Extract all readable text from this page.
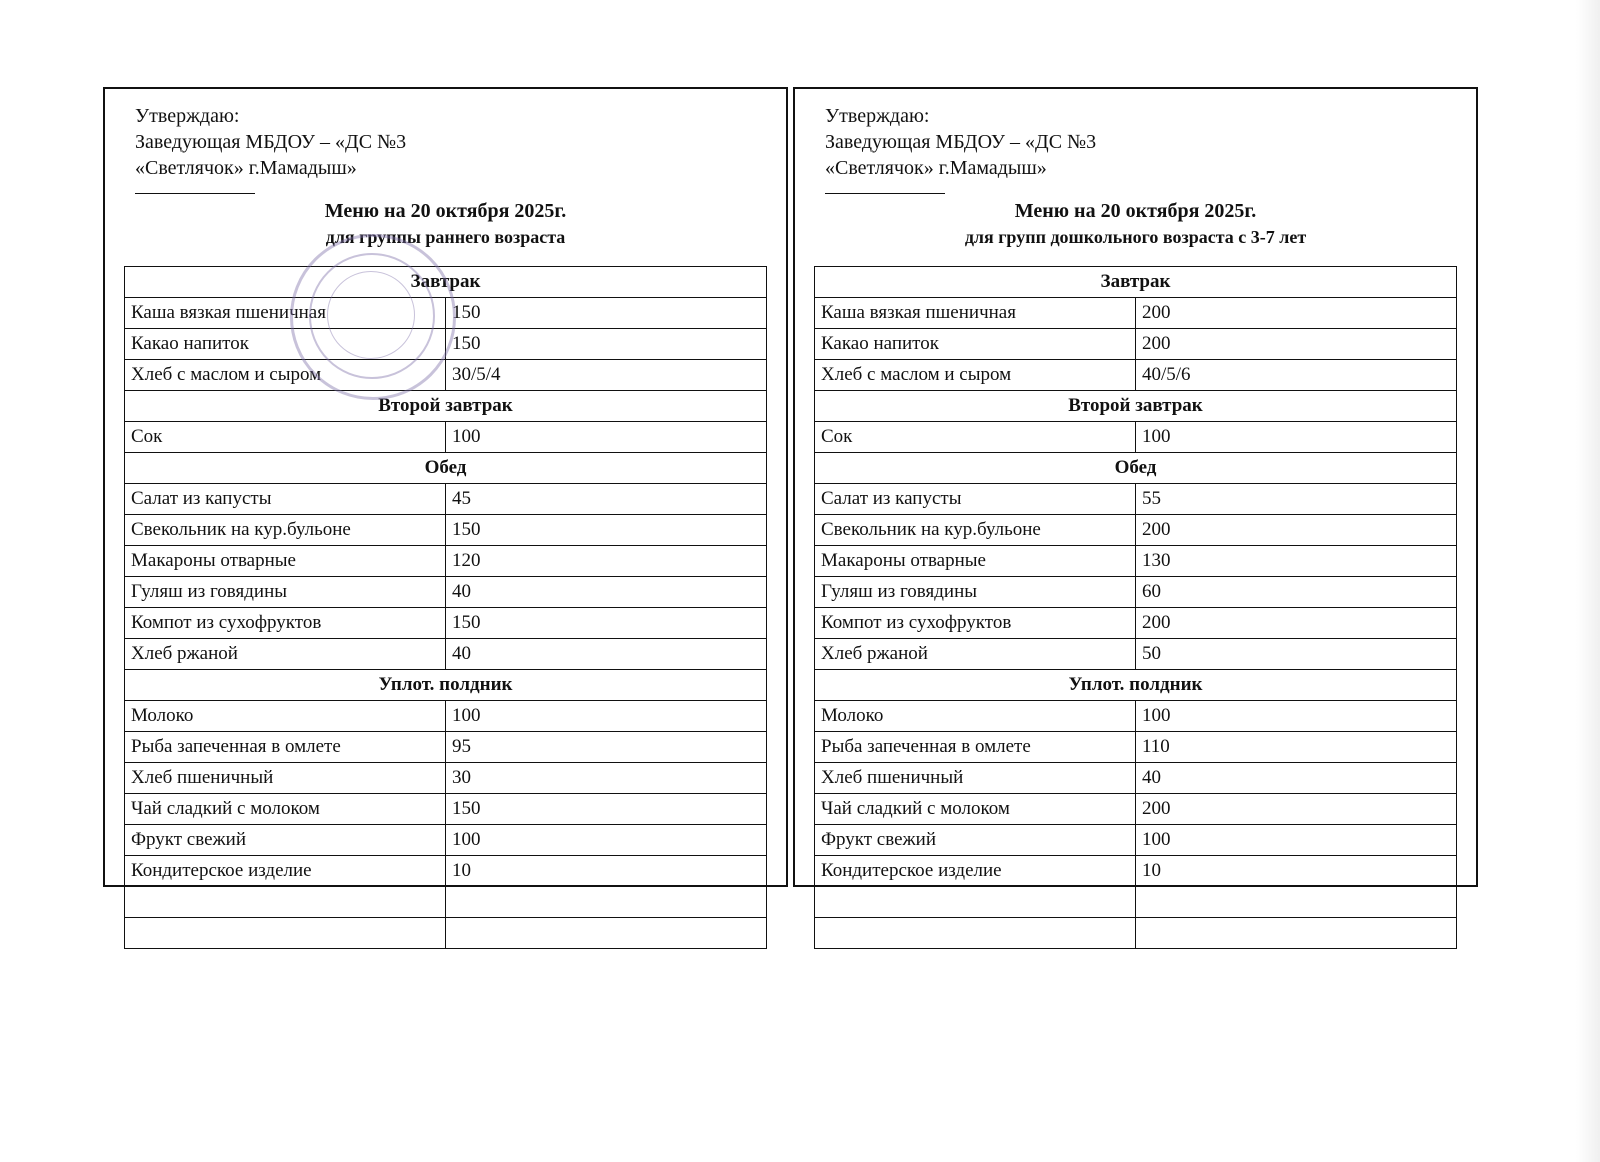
Утверждаю:
Заведующая МБДОУ – «ДС №3
«Светлячок» г.Мамадыш»
Меню на 20 октября 2025г.
для группы раннего возраста
Завтрак	
Каша вязкая пшеничная	150
Какао напиток	150
Хлеб с маслом и сыром	30/5/4
Второй завтрак	
Сок	100
Обед	
Салат из капусты	45
Свекольник на кур.бульоне	150
Макароны отварные	120
Гуляш из говядины	40
Компот из сухофруктов	150
Хлеб ржаной	40
Уплот. полдник	
Молоко	100
Рыба запеченная в омлете	95
Хлеб пшеничный	30
Чай сладкий с молоком	150
Фрукт свежий	100
Кондитерское изделие	10

Утверждаю:
Заведующая МБДОУ – «ДС №3
«Светлячок» г.Мамадыш»
Меню на 20 октября 2025г.
для групп дошкольного возраста с 3-7 лет
Завтрак	
Каша вязкая пшеничная	200
Какао напиток	200
Хлеб с маслом и сыром	40/5/6
Второй завтрак	
Сок	100
Обед	
Салат из капусты	55
Свекольник на кур.бульоне	200
Макароны отварные	130
Гуляш из говядины	60
Компот из сухофруктов	200
Хлеб ржаной	50
Уплот. полдник	
Молоко	100
Рыба запеченная в омлете	110
Хлеб пшеничный	40
Чай сладкий с молоком	200
Фрукт свежий	100
Кондитерское изделие	10
